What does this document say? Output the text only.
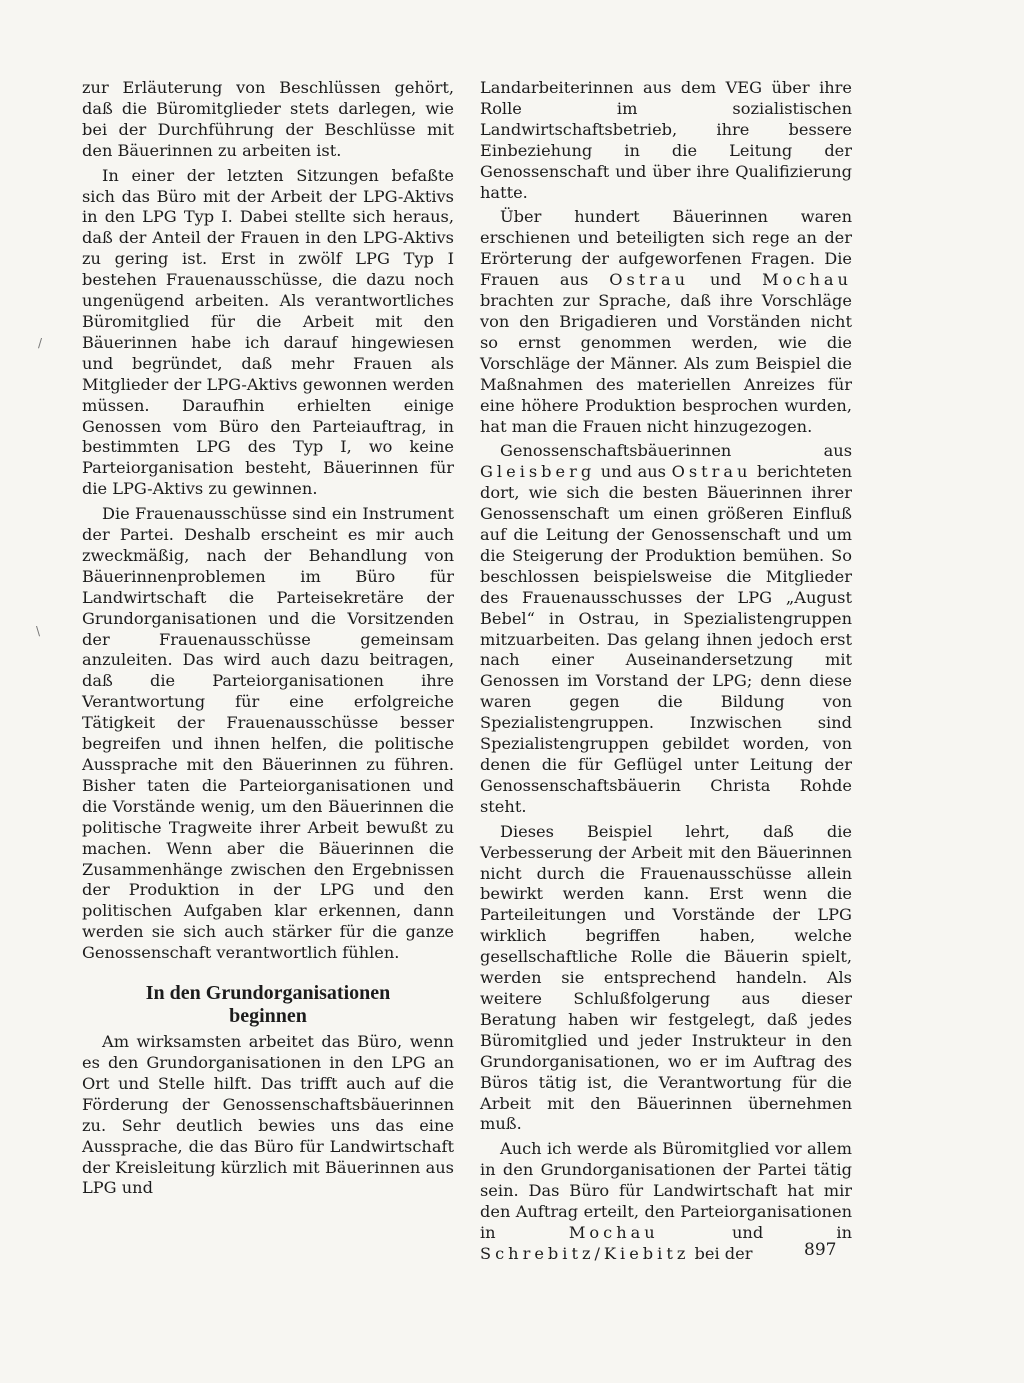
zur Erläuterung von Beschlüssen gehört, daß die Büromitglieder stets darlegen, wie bei der Durchführung der Beschlüsse mit den Bäuerinnen zu arbeiten ist.

In einer der letzten Sitzungen befaßte sich das Büro mit der Arbeit der LPG-Aktivs in den LPG Typ I. Dabei stellte sich heraus, daß der Anteil der Frauen in den LPG-Aktivs zu gering ist. Erst in zwölf LPG Typ I bestehen Frauenausschüsse, die dazu noch ungenügend arbeiten. Als verantwortliches Büromitglied für die Arbeit mit den Bäuerinnen habe ich darauf hingewiesen und begründet, daß mehr Frauen als Mitglieder der LPG-Aktivs gewonnen werden müssen. Daraufhin erhielten einige Genossen vom Büro den Parteiauftrag, in bestimmten LPG des Typ I, wo keine Parteiorganisation besteht, Bäuerinnen für die LPG-Aktivs zu gewinnen.

Die Frauenausschüsse sind ein Instrument der Partei. Deshalb erscheint es mir auch zweckmäßig, nach der Behandlung von Bäuerinnenproblemen im Büro für Landwirtschaft die Parteisekretäre der Grundorganisationen und die Vorsitzenden der Frauenausschüsse gemeinsam anzuleiten. Das wird auch dazu beitragen, daß die Parteiorganisationen ihre Verantwortung für eine erfolgreiche Tätigkeit der Frauenausschüsse besser begreifen und ihnen helfen, die politische Aussprache mit den Bäuerinnen zu führen. Bisher taten die Parteiorganisationen und die Vorstände wenig, um den Bäuerinnen die politische Tragweite ihrer Arbeit bewußt zu machen. Wenn aber die Bäuerinnen die Zusammenhänge zwischen den Ergebnissen der Produktion in der LPG und den politischen Aufgaben klar erkennen, dann werden sie sich auch stärker für die ganze Genossenschaft verantwortlich fühlen.

In den Grundorganisationen
beginnen

Am wirksamsten arbeitet das Büro, wenn es den Grundorganisationen in den LPG an Ort und Stelle hilft. Das trifft auch auf die Förderung der Genossenschaftsbäuerinnen zu. Sehr deutlich bewies uns das eine Aussprache, die das Büro für Landwirtschaft der Kreisleitung kürzlich mit Bäuerinnen aus LPG und

Landarbeiterinnen aus dem VEG über ihre Rolle im sozialistischen Landwirtschaftsbetrieb, ihre bessere Einbeziehung in die Leitung der Genossenschaft und über ihre Qualifizierung hatte.

Über hundert Bäuerinnen waren erschienen und beteiligten sich rege an der Erörterung der aufgeworfenen Fragen. Die Frauen aus Ostrau und Mochau brachten zur Sprache, daß ihre Vorschläge von den Brigadieren und Vorständen nicht so ernst genommen werden, wie die Vorschläge der Männer. Als zum Beispiel die Maßnahmen des materiellen Anreizes für eine höhere Produktion besprochen wurden, hat man die Frauen nicht hinzugezogen.

Genossenschaftsbäuerinnen aus Gleisberg und aus Ostrau berichteten dort, wie sich die besten Bäuerinnen ihrer Genossenschaft um einen größeren Einfluß auf die Leitung der Genossenschaft und um die Steigerung der Produktion bemühen. So beschlossen beispielsweise die Mitglieder des Frauenausschusses der LPG „August Bebel“ in Ostrau, in Spezialistengruppen mitzuarbeiten. Das gelang ihnen jedoch erst nach einer Auseinandersetzung mit Genossen im Vorstand der LPG; denn diese waren gegen die Bildung von Spezialistengruppen. Inzwischen sind Spezialistengruppen gebildet worden, von denen die für Geflügel unter Leitung der Genossenschaftsbäuerin Christa Rohde steht.

Dieses Beispiel lehrt, daß die Verbesserung der Arbeit mit den Bäuerinnen nicht durch die Frauenausschüsse allein bewirkt werden kann. Erst wenn die Parteileitungen und Vorstände der LPG wirklich begriffen haben, welche gesellschaftliche Rolle die Bäuerin spielt, werden sie entsprechend handeln. Als weitere Schlußfolgerung aus dieser Beratung haben wir festgelegt, daß jedes Büromitglied und jeder Instrukteur in den Grundorganisationen, wo er im Auftrag des Büros tätig ist, die Verantwortung für die Arbeit mit den Bäuerinnen übernehmen muß.

Auch ich werde als Büromitglied vor allem in den Grundorganisationen der Partei tätig sein. Das Büro für Landwirtschaft hat mir den Auftrag erteilt, den Parteiorganisationen in Mochau und in Schrebitz/Kiebitz bei der	897
/
\
